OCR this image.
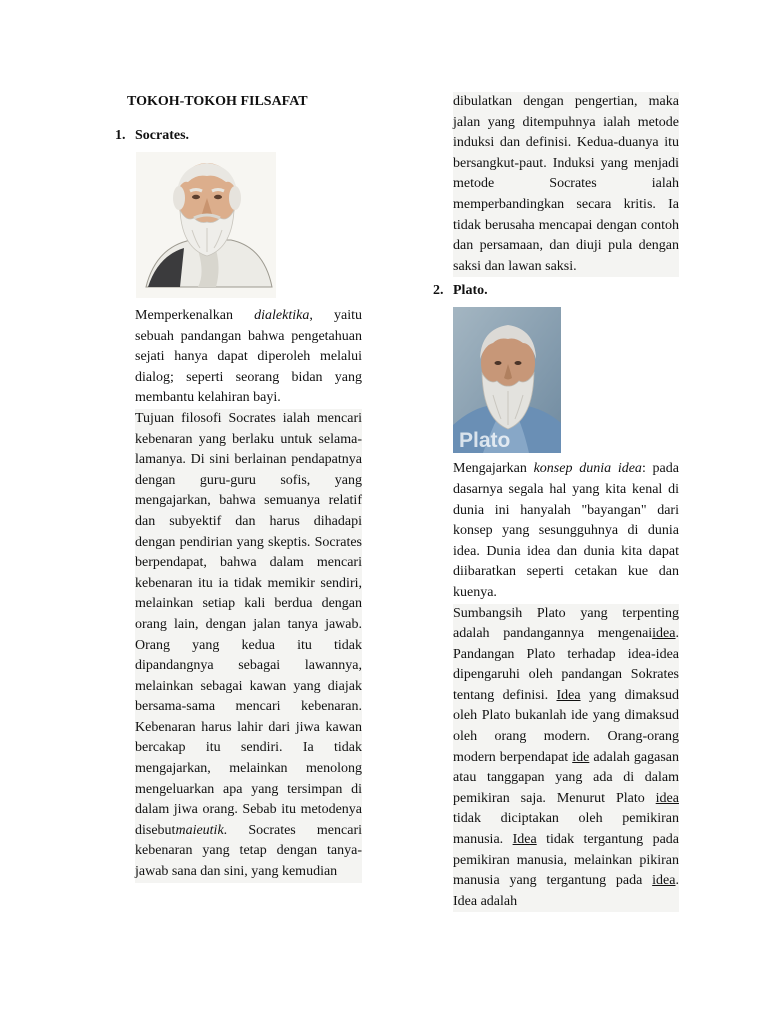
TOKOH-TOKOH FILSAFAT
1. Socrates.

Memperkenalkan dialektika, yaitu sebuah pandangan bahwa pengetahuan sejati hanya dapat diperoleh melalui dialog; seperti seorang bidan yang membantu kelahiran bayi.

Tujuan filosofi Socrates ialah mencari kebenaran yang berlaku untuk selama-lamanya. Di sini berlainan pendapatnya dengan guru-guru sofis, yang mengajarkan, bahwa semuanya relatif dan subyektif dan harus dihadapi dengan pendirian yang skeptis. Socrates berpendapat, bahwa dalam mencari kebenaran itu ia tidak memikir sendiri, melainkan setiap kali berdua dengan orang lain, dengan jalan tanya jawab. Orang yang kedua itu tidak dipandangnya sebagai lawannya, melainkan sebagai kawan yang diajak bersama-sama mencari kebenaran. Kebenaran harus lahir dari jiwa kawan bercakap itu sendiri. Ia tidak mengajarkan, melainkan menolong mengeluarkan apa yang tersimpan di dalam jiwa orang. Sebab itu metodenya disebutmaieutik. Socrates mencari kebenaran yang tetap dengan tanya-jawab sana dan sini, yang kemudian

dibulatkan dengan pengertian, maka jalan yang ditempuhnya ialah metode induksi dan definisi. Kedua-duanya itu bersangkut-paut. Induksi yang menjadi metode Socrates ialah memperbandingkan secara kritis. Ia tidak berusaha mencapai dengan contoh dan persamaan, dan diuji pula dengan saksi dan lawan saksi.

2. Plato.
Plato

Mengajarkan konsep dunia idea: pada dasarnya segala hal yang kita kenal di dunia ini hanyalah "bayangan" dari konsep yang sesungguhnya di dunia idea. Dunia idea dan dunia kita dapat diibaratkan seperti cetakan kue dan kuenya.

Sumbangsih Plato yang terpenting adalah pandangannya mengenaiidea. Pandangan Plato terhadap idea-idea dipengaruhi oleh pandangan Sokrates tentang definisi. Idea yang dimaksud oleh Plato bukanlah ide yang dimaksud oleh orang modern. Orang-orang modern berpendapat ide adalah gagasan atau tanggapan yang ada di dalam pemikiran saja. Menurut Plato idea tidak diciptakan oleh pemikiran manusia. Idea tidak tergantung pada pemikiran manusia, melainkan pikiran manusia yang tergantung pada idea. Idea adalah
